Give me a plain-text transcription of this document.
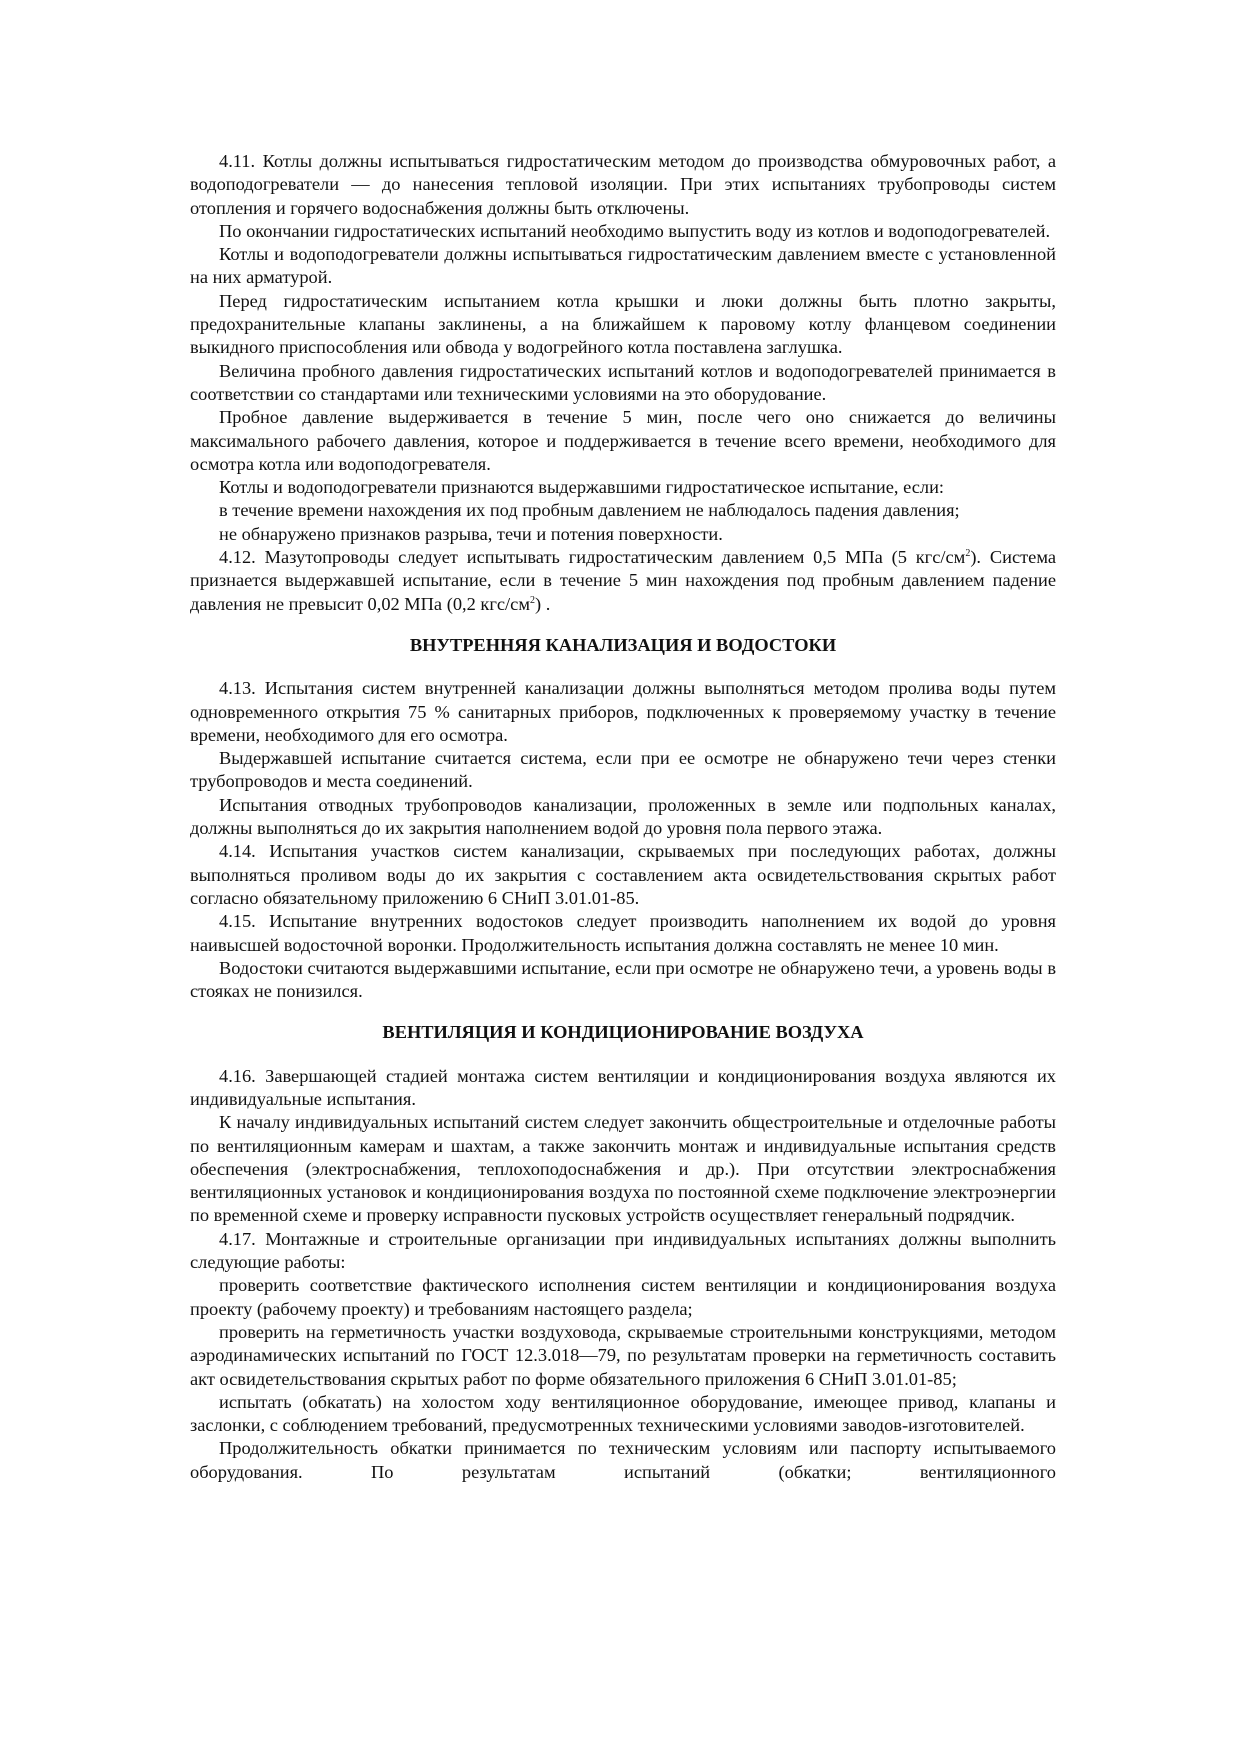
4.11. Котлы должны испытываться гидростатическим методом до производства обмуровочных работ, а водоподогреватели — до нанесения тепловой изоляции. При этих испытаниях трубопроводы систем отопления и горячего водоснабжения должны быть отключены.

По окончании гидростатических испытаний необходимо выпустить воду из котлов и водоподогревателей.

Котлы и водоподогреватели должны испытываться гидростатическим давлением вместе с установленной на них арматурой.

Перед гидростатическим испытанием котла крышки и люки должны быть плотно закрыты, предохранительные клапаны заклинены, а на ближайшем к паровому котлу фланцевом соединении выкидного приспособления или обвода у водогрейного котла поставлена заглушка.

Величина пробного давления гидростатических испытаний котлов и водоподогревателей принимается в соответствии со стандартами или техническими условиями на это оборудование.

Пробное давление выдерживается в течение 5 мин, после чего оно снижается до величины максимального рабочего давления, которое и поддерживается в течение всего времени, необходимого для осмотра котла или водоподогревателя.

Котлы и водоподогреватели признаются выдержавшими гидростатическое испытание, если:

в течение времени нахождения их под пробным давлением не наблюдалось падения давления;

не обнаружено признаков разрыва, течи и потения поверхности.

4.12. Мазутопроводы следует испытывать гидростатическим давлением 0,5 МПа (5 кгс/$см^2$). Система признается выдержавшей испытание, если в течение 5 мин нахождения под пробным давлением падение давления не превысит 0,02 МПа (0,2 кгс/$см^2$) .

ВНУТРЕННЯЯ КАНАЛИЗАЦИЯ И ВОДОСТОКИ

4.13. Испытания систем внутренней канализации должны выполняться методом пролива воды путем одновременного открытия 75 % санитарных приборов, подключенных к проверяемому участку в течение времени, необходимого для его осмотра.

Выдержавшей испытание считается система, если при ее осмотре не обнаружено течи через стенки трубопроводов и места соединений.

Испытания отводных трубопроводов канализации, проложенных в земле или подпольных каналах, должны выполняться до их закрытия наполнением водой до уровня пола первого этажа.

4.14. Испытания участков систем канализации, скрываемых при последующих работах, должны выполняться проливом воды до их закрытия с составлением акта освидетельствования скрытых работ согласно обязательному приложению 6 СНиП 3.01.01-85.

4.15. Испытание внутренних водостоков следует производить наполнением их водой до уровня наивысшей водосточной воронки. Продолжительность испытания должна составлять не менее 10 мин.

Водостоки считаются выдержавшими испытание, если при осмотре не обнаружено течи, а уровень воды в стояках не понизился.

ВЕНТИЛЯЦИЯ И КОНДИЦИОНИРОВАНИЕ ВОЗДУХА

4.16. Завершающей стадией монтажа систем вентиляции и кондиционирования воздуха являются их индивидуальные испытания.

К началу индивидуальных испытаний систем следует закончить общестроительные и отделочные работы по вентиляционным камерам и шахтам, а также закончить монтаж и индивидуальные испытания средств обеспечения (электроснабжения, теплохоподоснабжения и др.). При отсутствии электроснабжения вентиляционных установок и кондиционирования воздуха по постоянной схеме подключение электроэнергии по временной схеме и проверку исправности пусковых устройств осуществляет генеральный подрядчик.

4.17. Монтажные и строительные организации при индивидуальных испытаниях должны выполнить следующие работы:

проверить соответствие фактического исполнения систем вентиляции и кондиционирования воздуха проекту (рабочему проекту) и требованиям настоящего раздела;

проверить на герметичность участки воздуховода, скрываемые строительными конструкциями, методом аэродинамических испытаний по ГОСТ 12.3.018—79, по результатам проверки на герметичность составить акт освидетельствования скрытых работ по форме обязательного приложения 6 СНиП 3.01.01-85;

испытать (обкатать) на холостом ходу вентиляционное оборудование, имеющее привод, клапаны и заслонки, с соблюдением требований, предусмотренных техническими условиями заводов-изготовителей.

Продолжительность обкатки принимается по техническим условиям или паспорту испытываемого оборудования. По результатам испытаний (обкатки; вентиляционного
